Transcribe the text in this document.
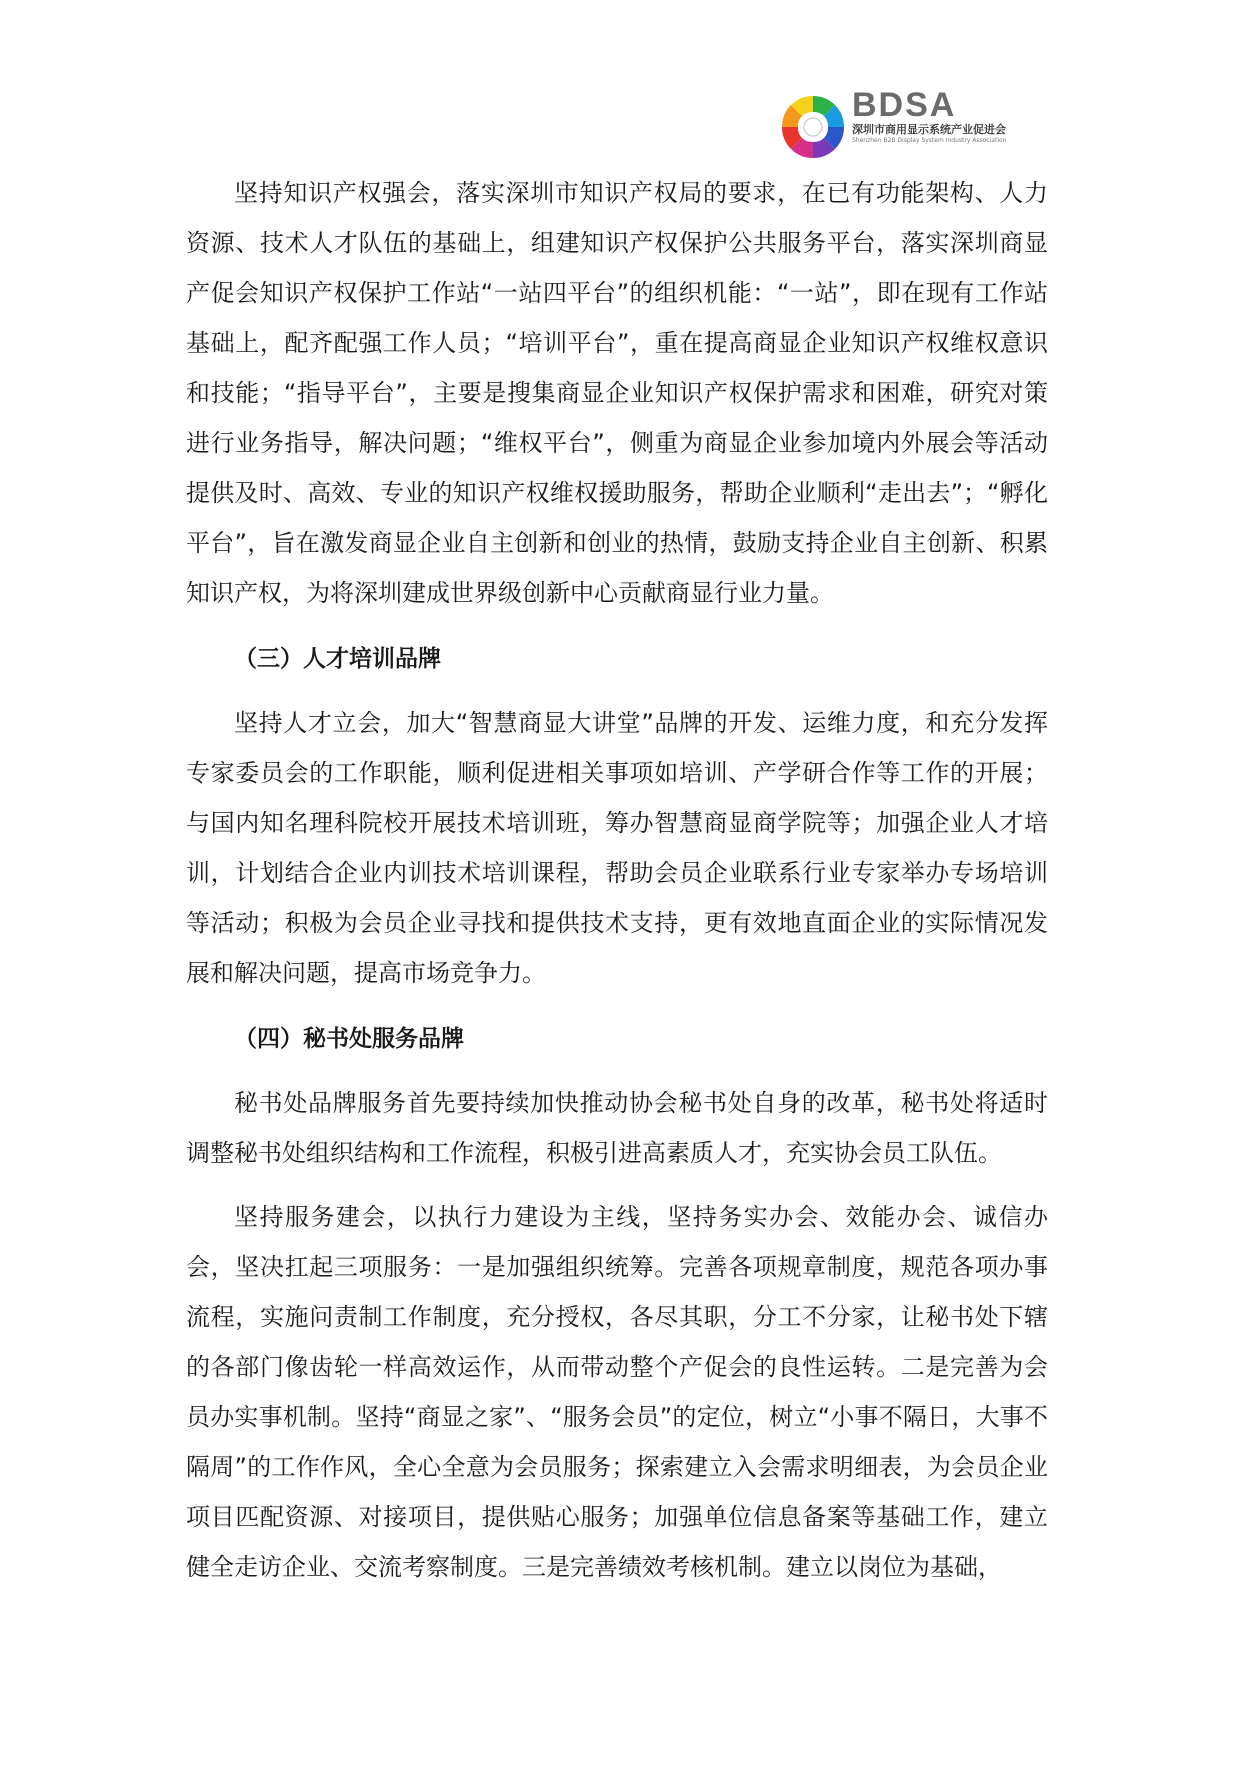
BDSA
深圳市商用显示系统产业促进会
Shenzhen B2B Display System Industry Association

坚持知识产权强会，落实深圳市知识产权局的要求，在已有功能架构、人力资源、技术人才队伍的基础上，组建知识产权保护公共服务平台，落实深圳商显产促会知识产权保护工作站“一站四平台”的组织机能：“一站”，即在现有工作站基础上，配齐配强工作人员；“培训平台”，重在提高商显企业知识产权维权意识和技能；“指导平台”，主要是搜集商显企业知识产权保护需求和困难，研究对策进行业务指导，解决问题；“维权平台”，侧重为商显企业参加境内外展会等活动提供及时、高效、专业的知识产权维权援助服务，帮助企业顺利“走出去”；“孵化平台”，旨在激发商显企业自主创新和创业的热情，鼓励支持企业自主创新、积累知识产权，为将深圳建成世界级创新中心贡献商显行业力量。

（三）人才培训品牌

坚持人才立会，加大“智慧商显大讲堂”品牌的开发、运维力度，和充分发挥专家委员会的工作职能，顺利促进相关事项如培训、产学研合作等工作的开展；与国内知名理科院校开展技术培训班，筹办智慧商显商学院等；加强企业人才培训，计划结合企业内训技术培训课程，帮助会员企业联系行业专家举办专场培训等活动；积极为会员企业寻找和提供技术支持，更有效地直面企业的实际情况发展和解决问题，提高市场竞争力。

（四）秘书处服务品牌

秘书处品牌服务首先要持续加快推动协会秘书处自身的改革，秘书处将适时调整秘书处组织结构和工作流程，积极引进高素质人才，充实协会员工队伍。

坚持服务建会，以执行力建设为主线，坚持务实办会、效能办会、诚信办会，坚决扛起三项服务：一是加强组织统筹。完善各项规章制度，规范各项办事流程，实施问责制工作制度，充分授权，各尽其职，分工不分家，让秘书处下辖的各部门像齿轮一样高效运作，从而带动整个产促会的良性运转。二是完善为会员办实事机制。坚持“商显之家”、“服务会员”的定位，树立“小事不隔日，大事不隔周”的工作作风，全心全意为会员服务；探索建立入会需求明细表，为会员企业项目匹配资源、对接项目，提供贴心服务；加强单位信息备案等基础工作，建立健全走访企业、交流考察制度。三是完善绩效考核机制。建立以岗位为基础，
